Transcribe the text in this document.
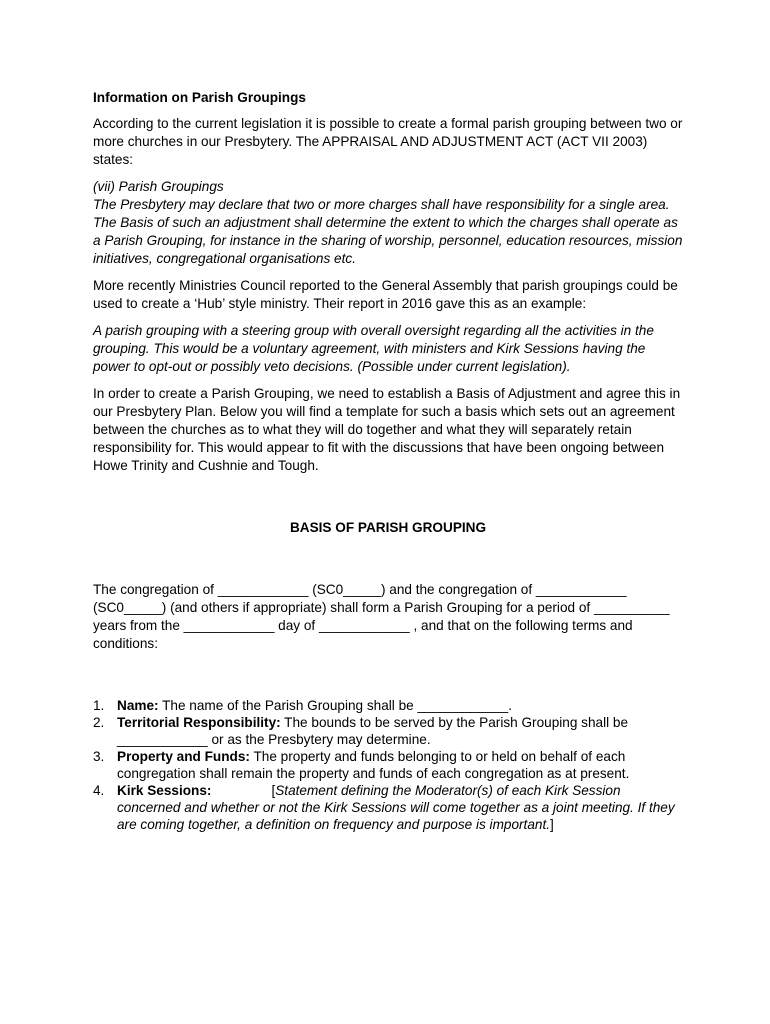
Information on Parish Groupings

According to the current legislation it is possible to create a formal parish grouping between two or more churches in our Presbytery. The APPRAISAL AND ADJUSTMENT ACT (ACT VII 2003) states:

(vii) Parish Groupings
The Presbytery may declare that two or more charges shall have responsibility for a single area. The Basis of such an adjustment shall determine the extent to which the charges shall operate as a Parish Grouping, for instance in the sharing of worship, personnel, education resources, mission initiatives, congregational organisations etc.

More recently Ministries Council reported to the General Assembly that parish groupings could be used to create a ‘Hub’ style ministry. Their report in 2016 gave this as an example:

A parish grouping with a steering group with overall oversight regarding all the activities in the grouping. This would be a voluntary agreement, with ministers and Kirk Sessions having the power to opt-out or possibly veto decisions. (Possible under current legislation).

In order to create a Parish Grouping, we need to establish a Basis of Adjustment and agree this in our Presbytery Plan. Below you will find a template for such a basis which sets out an agreement between the churches as to what they will do together and what they will separately retain responsibility for. This would appear to fit with the discussions that have been ongoing between Howe Trinity and Cushnie and Tough.

BASIS OF PARISH GROUPING

The congregation of ____________ (SC0_____) and the congregation of ____________ (SC0_____) (and others if appropriate) shall form a Parish Grouping for a period of __________ years from the ____________ day of ____________ , and that on the following terms and conditions:

1. Name: The name of the Parish Grouping shall be ____________.
2. Territorial Responsibility: The bounds to be served by the Parish Grouping shall be ____________ or as the Presbytery may determine.
3. Property and Funds: The property and funds belonging to or held on behalf of each congregation shall remain the property and funds of each congregation as at present.
4. Kirk Sessions:	[Statement defining the Moderator(s) of each Kirk Session concerned and whether or not the Kirk Sessions will come together as a joint meeting. If they are coming together, a definition on frequency and purpose is important.]
